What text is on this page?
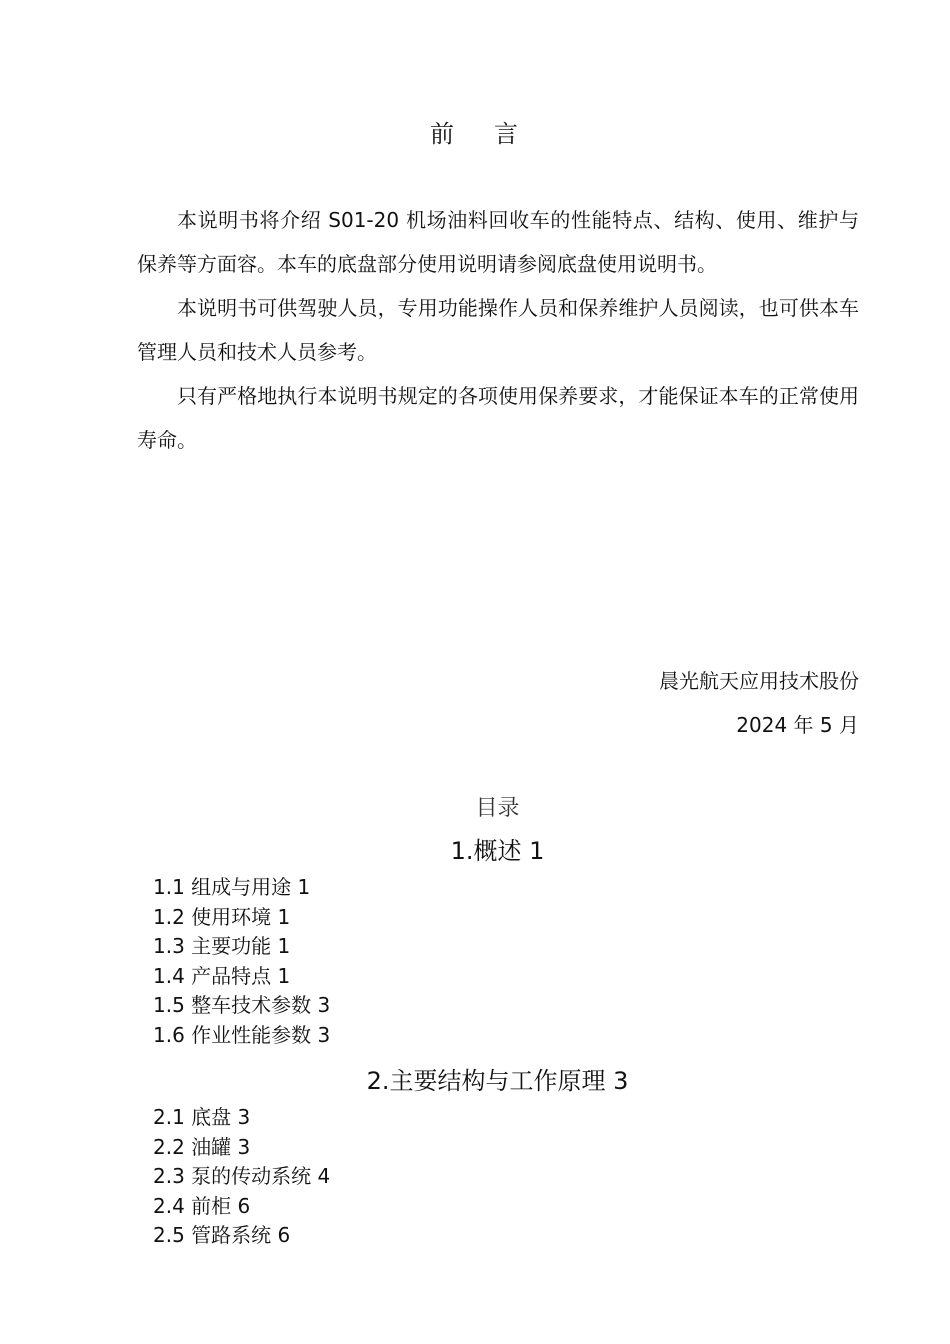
前 言

本说明书将介绍 S01-20 机场油料回收车的性能特点、结构、使用、维护与保养等方面容。本车的底盘部分使用说明请参阅底盘使用说明书。

本说明书可供驾驶人员，专用功能操作人员和保养维护人员阅读，也可供本车管理人员和技术人员参考。

只有严格地执行本说明书规定的各项使用保养要求，才能保证本车的正常使用寿命。

晨光航天应用技术股份
2024 年 5 月
目录
1.概述 1
1.1 组成与用途 1
1.2 使用环境 1
1.3 主要功能 1
1.4 产品特点 1
1.5 整车技术参数 3
1.6 作业性能参数 3
2.主要结构与工作原理 3
2.1 底盘 3
2.2 油罐 3
2.3 泵的传动系统 4
2.4 前柜 6
2.5 管路系统 6
